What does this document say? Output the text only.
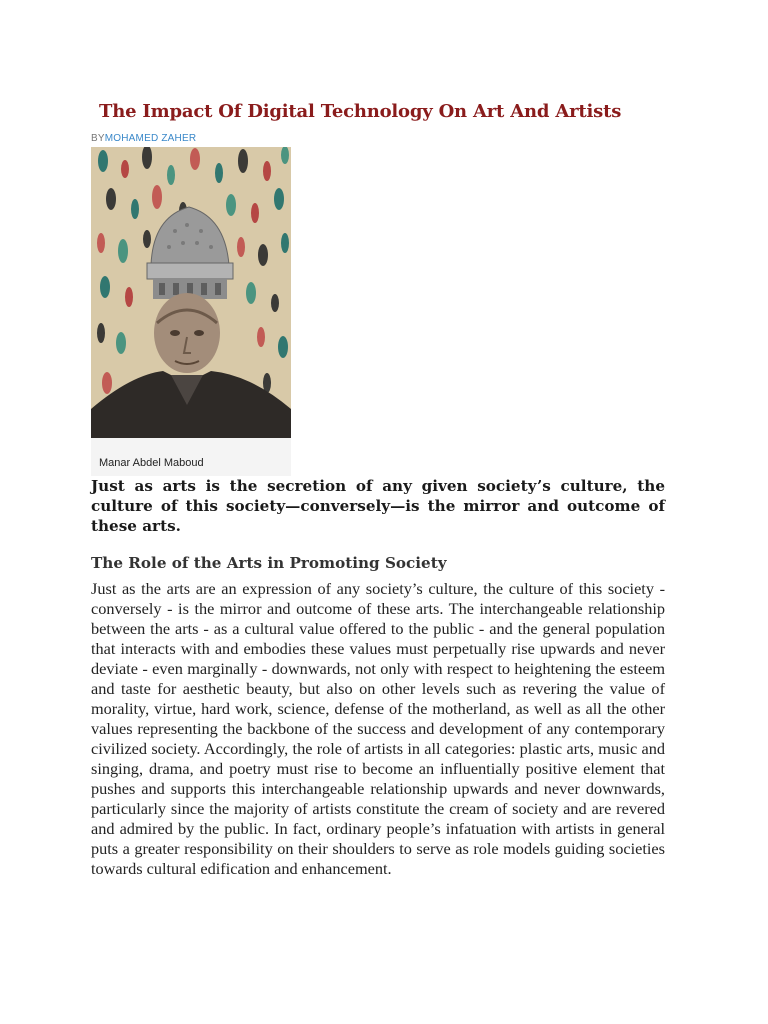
The Impact Of Digital Technology On Art And Artists
BYMOHAMED ZAHER
Manar Abdel Maboud

Just as arts is the secretion of any given society’s culture, the culture of this society—conversely—is the mirror and outcome of these arts.

The Role of the Arts in Promoting Society

Just as the arts are an expression of any society’s culture, the culture of this society - conversely - is the mirror and outcome of these arts. The interchangeable relationship between the arts - as a cultural value offered to the public - and the general population that interacts with and embodies these values must perpetually rise upwards and never deviate - even marginally - downwards, not only with respect to heightening the esteem and taste for aesthetic beauty, but also on other levels such as revering the value of morality, virtue, hard work, science, defense of the motherland, as well as all the other values representing the backbone of the success and development of any contemporary civilized society. Accordingly, the role of artists in all categories: plastic arts, music and singing, drama, and poetry must rise to become an influentially positive element that pushes and supports this interchangeable relationship upwards and never downwards, particularly since the majority of artists constitute the cream of society and are revered and admired by the public. In fact, ordinary people’s infatuation with artists in general puts a greater responsibility on their shoulders to serve as role models guiding societies towards cultural edification and enhancement.
